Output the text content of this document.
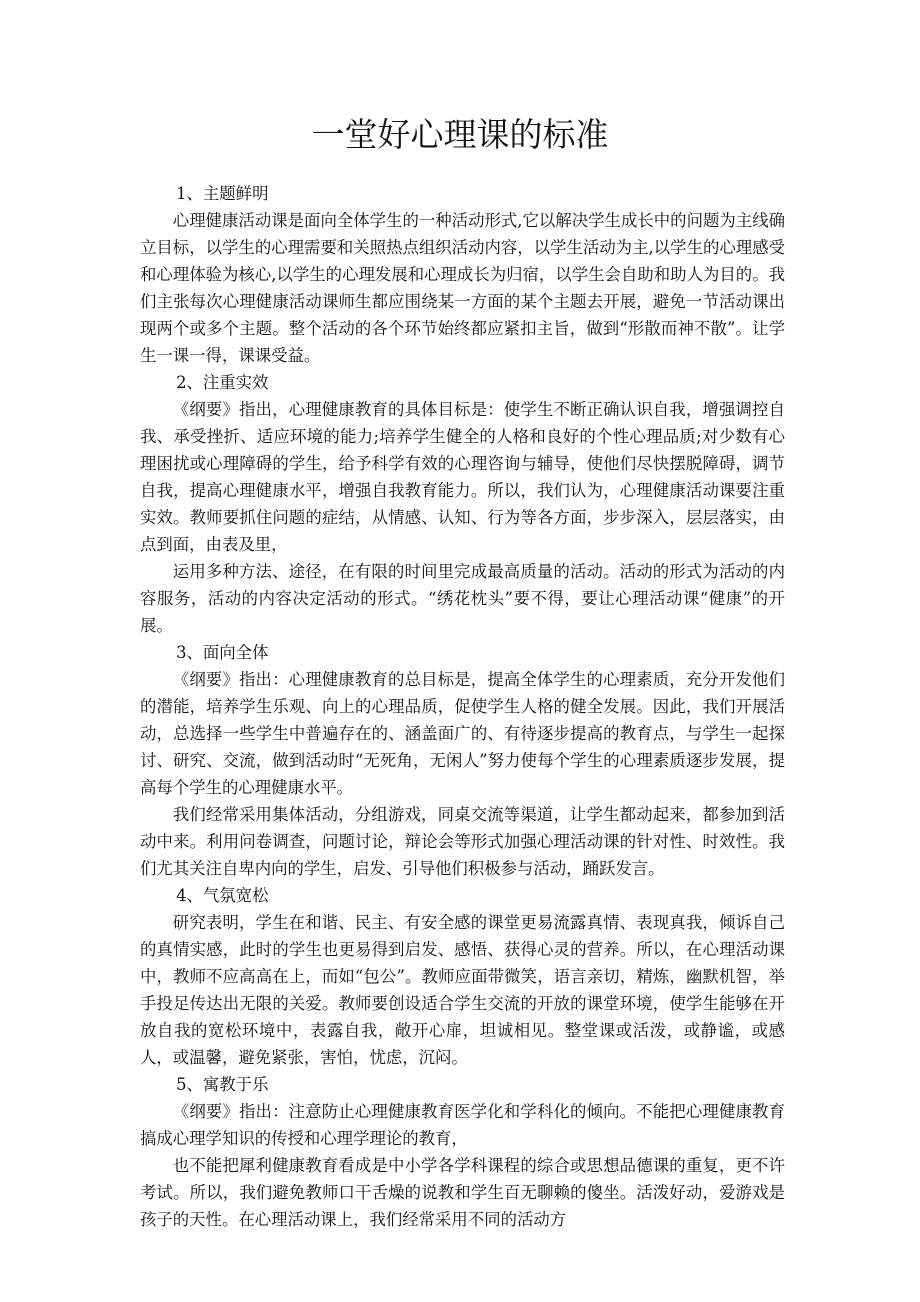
一堂好心理课的标准

1、主题鲜明

心理健康活动课是面向全体学生的一种活动形式,它以解决学生成长中的问题为主线确立目标，以学生的心理需要和关照热点组织活动内容，以学生活动为主,以学生的心理感受和心理体验为核心,以学生的心理发展和心理成长为归宿，以学生会自助和助人为目的。我们主张每次心理健康活动课师生都应围绕某一方面的某个主题去开展，避免一节活动课出现两个或多个主题。整个活动的各个环节始终都应紧扣主旨，做到“形散而神不散”。让学生一课一得，课课受益。

2、注重实效

《纲要》指出，心理健康教育的具体目标是：使学生不断正确认识自我，增强调控自我、承受挫折、适应环境的能力;培养学生健全的人格和良好的个性心理品质;对少数有心理困扰或心理障碍的学生，给予科学有效的心理咨询与辅导，使他们尽快摆脱障碍，调节自我，提高心理健康水平，增强自我教育能力。所以，我们认为，心理健康活动课要注重实效。教师要抓住问题的症结，从情感、认知、行为等各方面，步步深入，层层落实，由点到面，由表及里，

运用多种方法、途径，在有限的时间里完成最高质量的活动。活动的形式为活动的内容服务，活动的内容决定活动的形式。“绣花枕头”要不得，要让心理活动课“健康”的开展。

3、面向全体

《纲要》指出：心理健康教育的总目标是，提高全体学生的心理素质，充分开发他们的潜能，培养学生乐观、向上的心理品质，促使学生人格的健全发展。因此，我们开展活动，总选择一些学生中普遍存在的、涵盖面广的、有待逐步提高的教育点，与学生一起探讨、研究、交流，做到活动时“无死角，无闲人”努力使每个学生的心理素质逐步发展，提高每个学生的心理健康水平。

我们经常采用集体活动，分组游戏，同桌交流等渠道，让学生都动起来，都参加到活动中来。利用问卷调查，问题讨论，辩论会等形式加强心理活动课的针对性、时效性。我们尤其关注自卑内向的学生，启发、引导他们积极参与活动，踊跃发言。

4、气氛宽松

研究表明，学生在和谐、民主、有安全感的课堂更易流露真情、表现真我，倾诉自己的真情实感，此时的学生也更易得到启发、感悟、获得心灵的营养。所以，在心理活动课中，教师不应高高在上，而如“包公”。教师应面带微笑，语言亲切，精炼，幽默机智，举手投足传达出无限的关爱。教师要创设适合学生交流的开放的课堂环境，使学生能够在开放自我的宽松环境中，表露自我，敞开心扉，坦诚相见。整堂课或活泼，或静谧，或感人，或温馨，避免紧张，害怕，忧虑，沉闷。

5、寓教于乐

《纲要》指出：注意防止心理健康教育医学化和学科化的倾向。不能把心理健康教育搞成心理学知识的传授和心理学理论的教育，

也不能把犀利健康教育看成是中小学各学科课程的综合或思想品德课的重复，更不许考试。所以，我们避免教师口干舌燥的说教和学生百无聊赖的傻坐。活泼好动，爱游戏是孩子的天性。在心理活动课上，我们经常采用不同的活动方
